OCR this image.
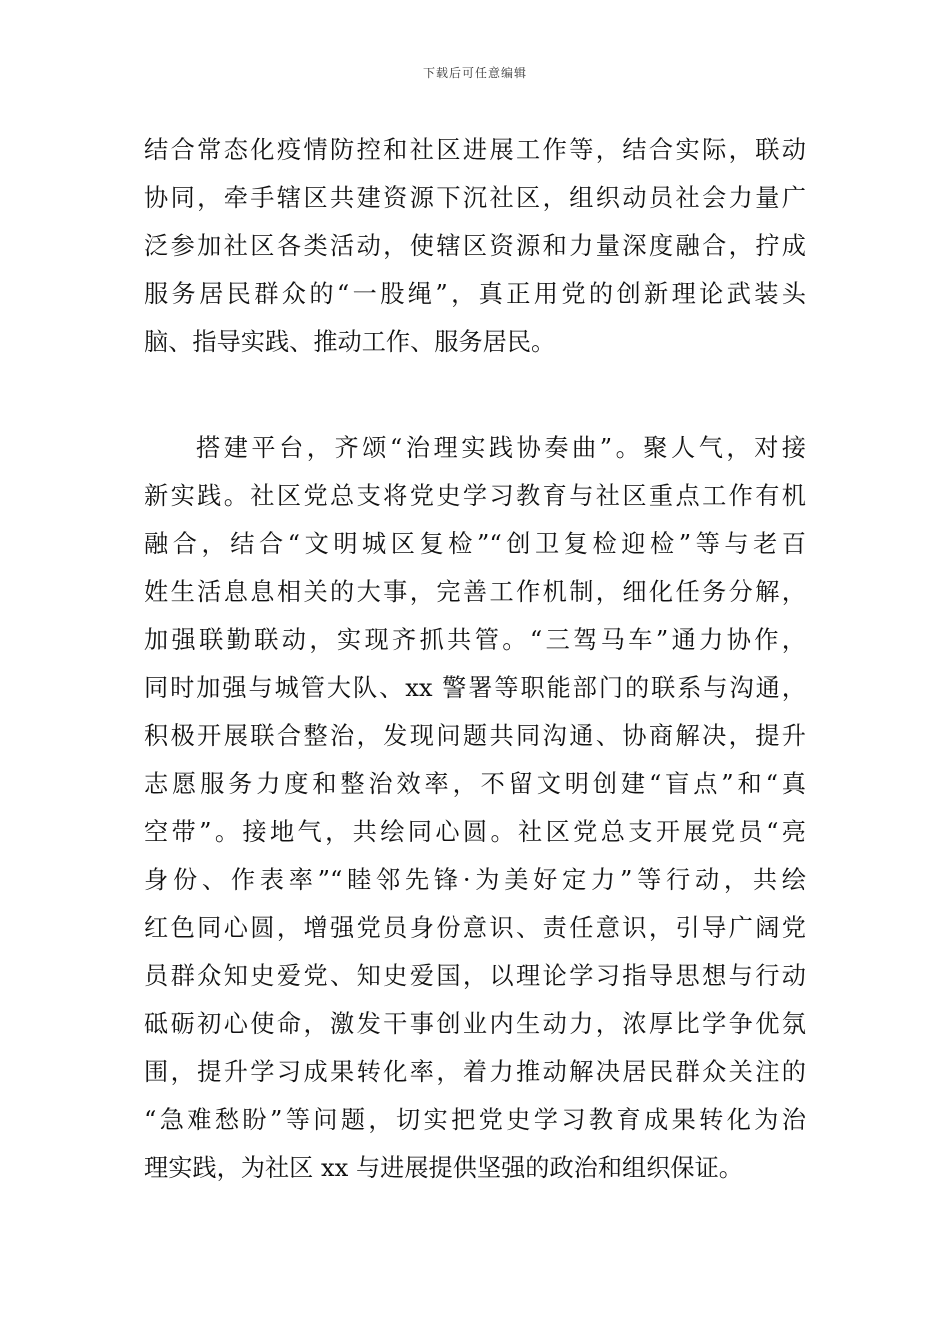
下载后可任意编辑
结合常态化疫情防控和社区进展工作等，结合实际，联动
协同，牵手辖区共建资源下沉社区，组织动员社会力量广
泛参加社区各类活动，使辖区资源和力量深度融合，拧成
服务居民群众的“一股绳”，真正用党的创新理论武装头
脑、指导实践、推动工作、服务居民。
搭建平台，齐颂“治理实践协奏曲”。聚人气，对接
新实践。社区党总支将党史学习教育与社区重点工作有机
融合，结合“文明城区复检”“创卫复检迎检”等与老百
姓生活息息相关的大事，完善工作机制，细化任务分解，
加强联勤联动，实现齐抓共管。“三驾马车”通力协作，
同时加强与城管大队、xx 警署等职能部门的联系与沟通，
积极开展联合整治，发现问题共同沟通、协商解决，提升
志愿服务力度和整治效率，不留文明创建“盲点”和“真
空带”。接地气，共绘同心圆。社区党总支开展党员“亮
身份、作表率”“睦邻先锋·为美好定力”等行动，共绘
红色同心圆，增强党员身份意识、责任意识，引导广阔党
员群众知史爱党、知史爱国，以理论学习指导思想与行动
砥砺初心使命，激发干事创业内生动力，浓厚比学争优氛
围，提升学习成果转化率，着力推动解决居民群众关注的
“急难愁盼”等问题，切实把党史学习教育成果转化为治
理实践，为社区 xx 与进展提供坚强的政治和组织保证。
